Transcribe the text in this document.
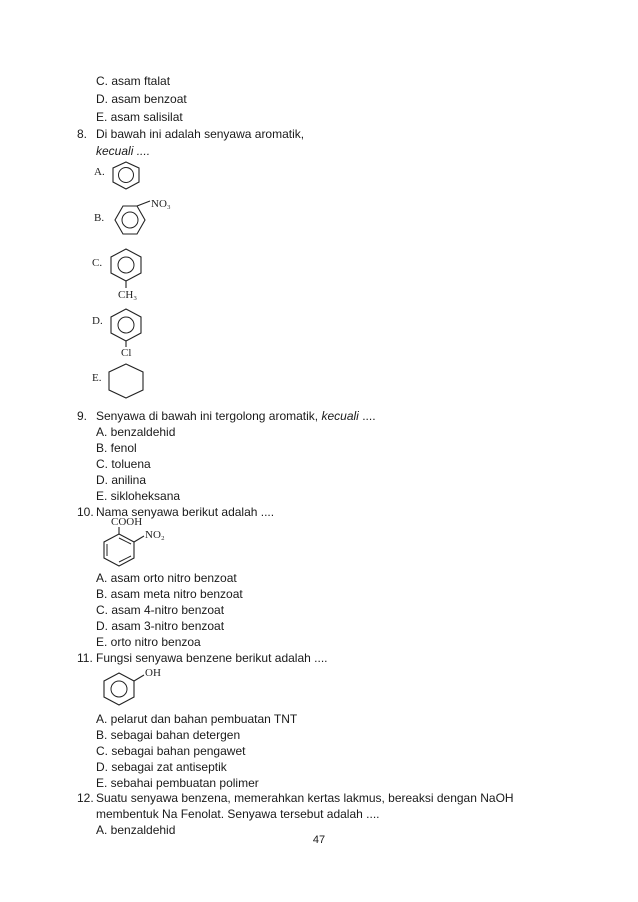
C. asam ftalat
D. asam benzoat
E. asam salisilat
8. Di bawah ini adalah senyawa aromatik,
kecuali ....
A.
B.
NO₃
C.
CH₃
D.
Cl
E.
9. Senyawa di bawah ini tergolong aromatik, kecuali ....
A. benzaldehid
B. fenol
C. toluena
D. anilina
E. sikloheksana
10. Nama senyawa berikut adalah ....
COOH
NO₂
A. asam orto nitro benzoat
B. asam meta nitro benzoat
C. asam 4-nitro benzoat
D. asam 3-nitro benzoat
E. orto nitro benzoa
11. Fungsi senyawa benzene berikut adalah ....
OH
A. pelarut dan bahan pembuatan TNT
B. sebagai bahan detergen
C. sebagai bahan pengawet
D. sebagai zat antiseptik
E. sebahai pembuatan polimer
12. Suatu senyawa benzena, memerahkan kertas lakmus, bereaksi dengan NaOH
membentuk Na Fenolat. Senyawa tersebut adalah ....
A. benzaldehid
47
